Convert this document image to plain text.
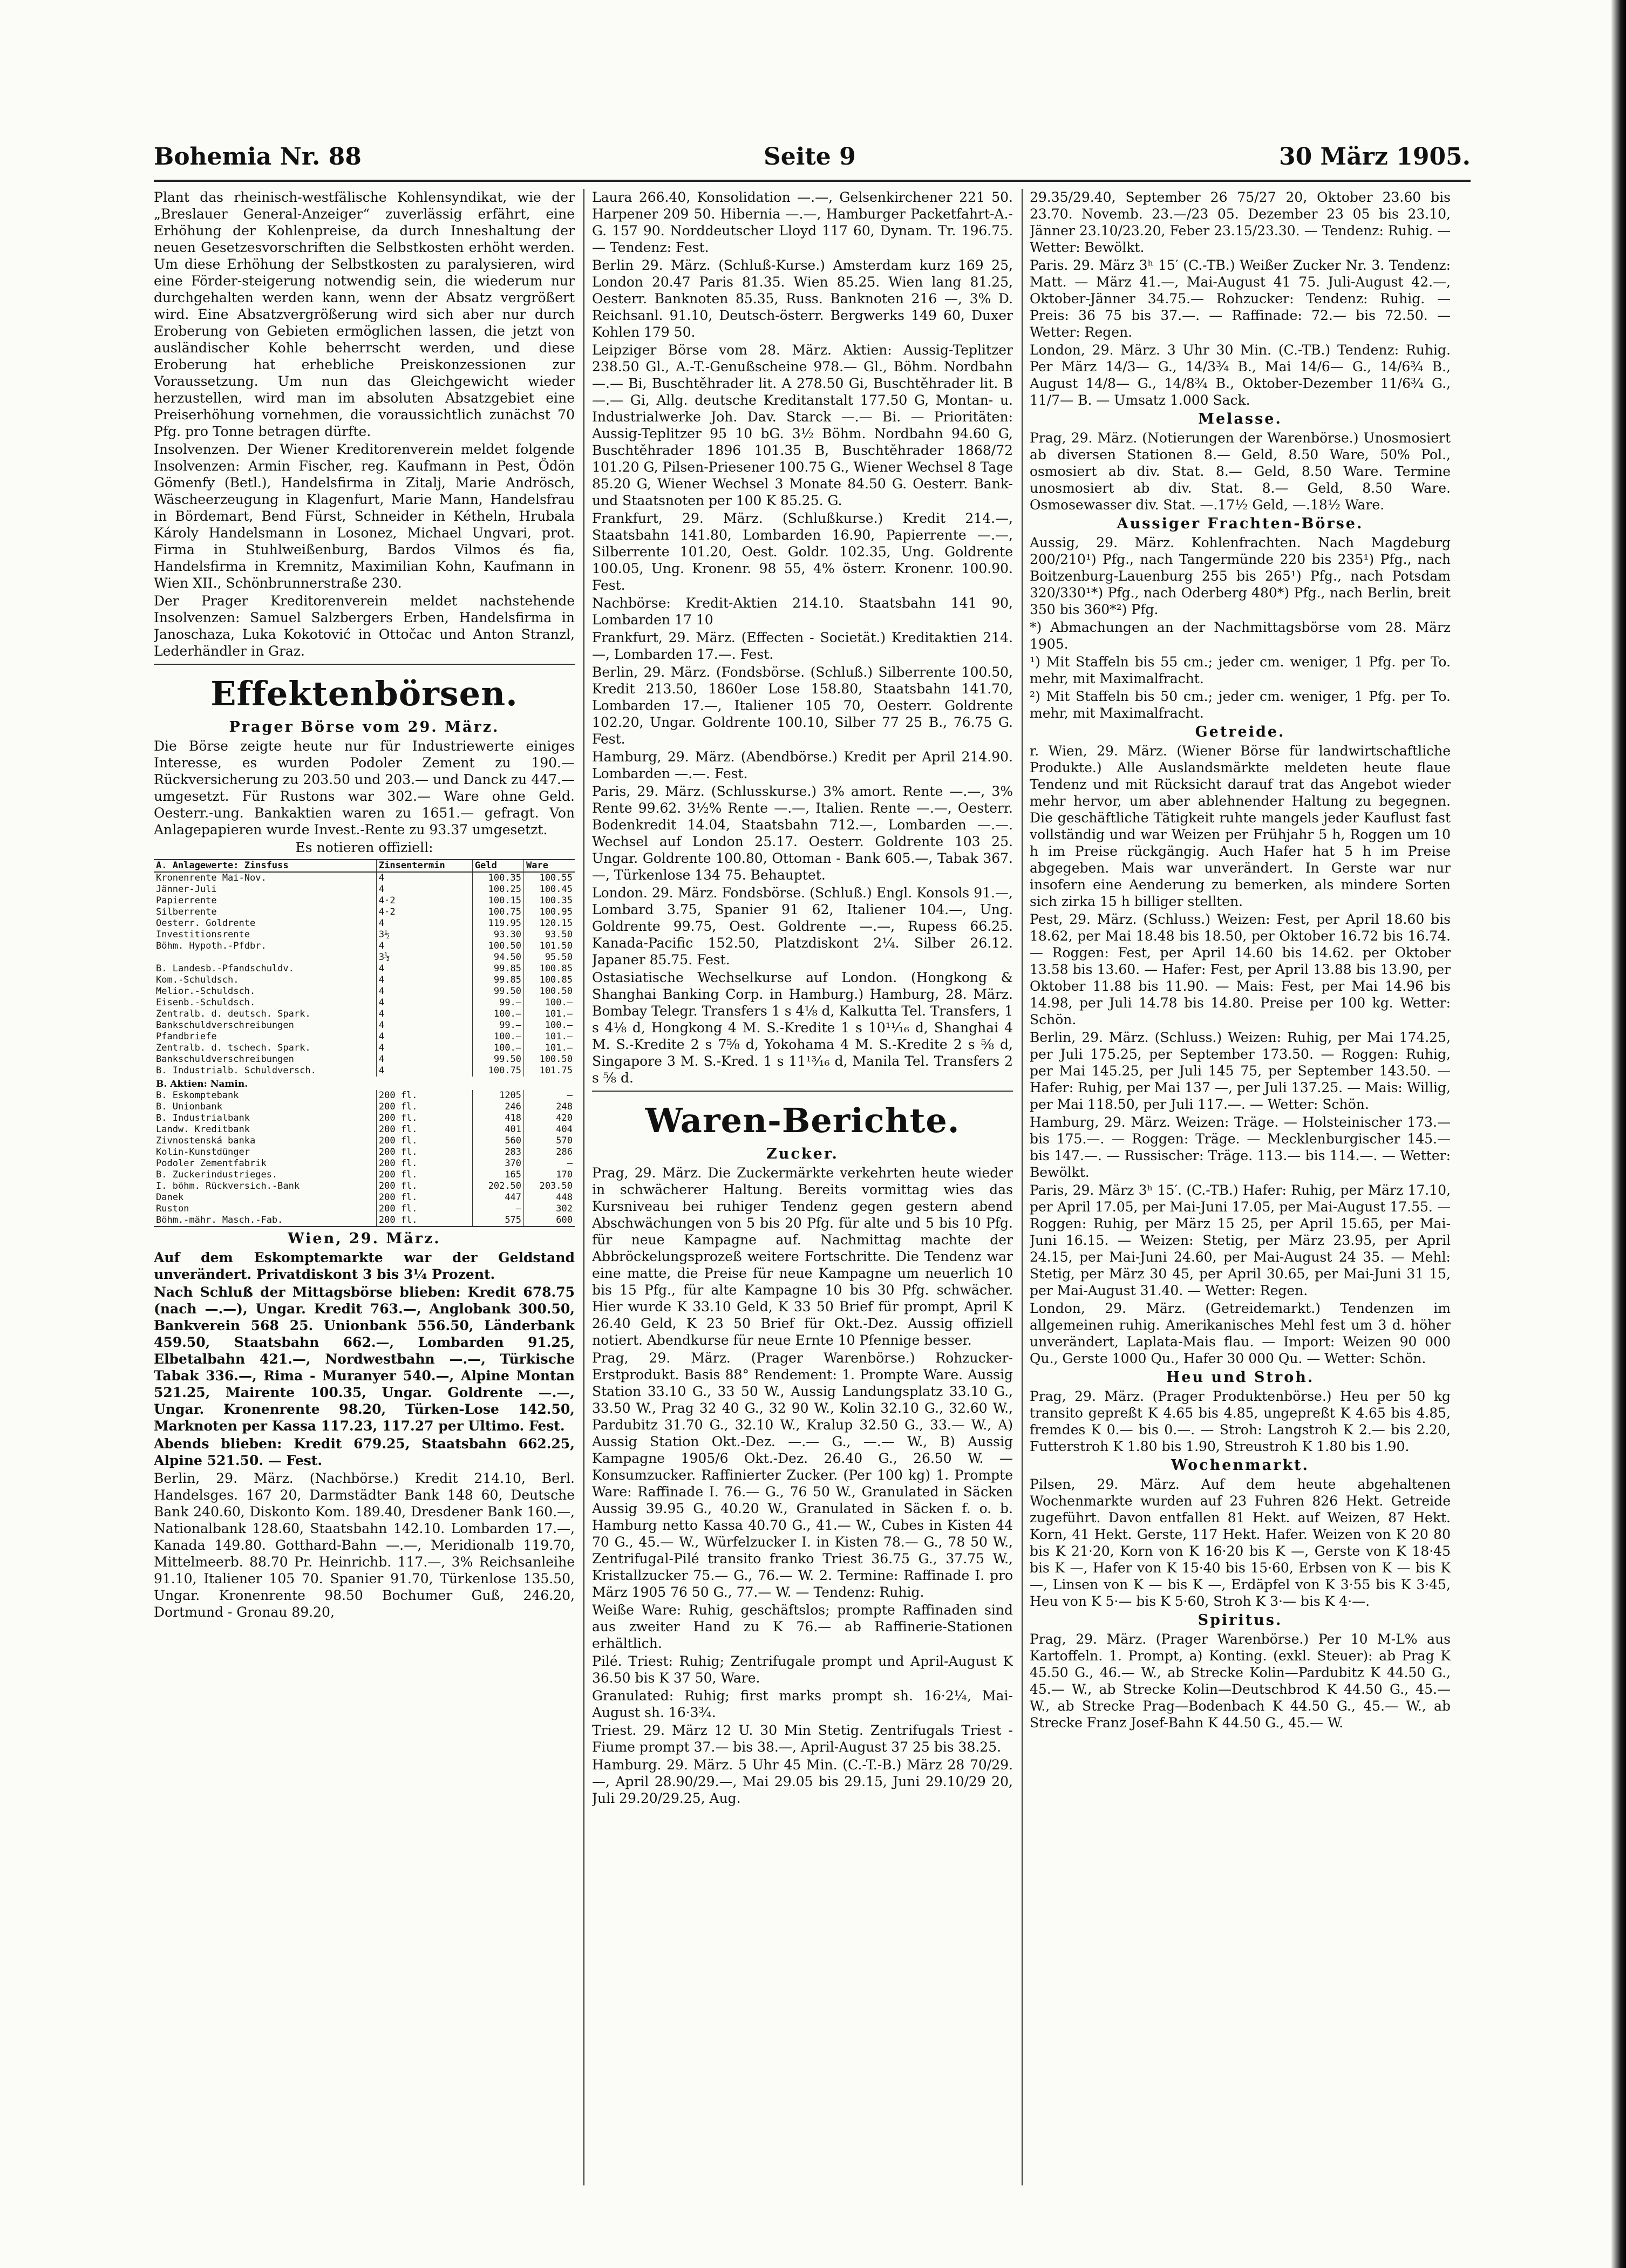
Bohemia Nr. 88	Seite 9	30 März 1905.

Plant das rheinisch-westfälische Kohlensyndikat, wie der „Breslauer General-Anzeiger“ zuverlässig erfährt, eine Erhöhung der Kohlenpreise, da durch Inneshaltung der neuen Gesetzesvorschriften die Selbstkosten erhöht werden. Um diese Erhöhung der Selbstkosten zu paralysieren, wird eine Förder-steigerung notwendig sein, die wiederum nur durchgehalten werden kann, wenn der Absatz vergrößert wird. Eine Absatzvergrößerung wird sich aber nur durch Eroberung von Gebieten ermöglichen lassen, die jetzt von ausländischer Kohle beherrscht werden, und diese Eroberung hat erhebliche Preiskonzessionen zur Voraussetzung. Um nun das Gleichgewicht wieder herzustellen, wird man im absoluten Absatzgebiet eine Preiserhöhung vornehmen, die voraussichtlich zunächst 70 Pfg. pro Tonne betragen dürfte.

Insolvenzen. Der Wiener Kreditorenverein meldet folgende Insolvenzen: Armin Fischer, reg. Kaufmann in Pest, Ödön Gömenfy (Betl.), Handelsfirma in Zitalj, Marie Andrösch, Wäscheerzeugung in Klagenfurt, Marie Mann, Handelsfrau in Bördemart, Bend Fürst, Schneider in Kétheln, Hrubala Károly Handelsmann in Losonez, Michael Ungvari, prot. Firma in Stuhlweißenburg, Bardos Vilmos és fia, Handelsfirma in Kremnitz, Maximilian Kohn, Kaufmann in Wien XII., Schönbrunnerstraße 230.

Der Prager Kreditorenverein meldet nachstehende Insolvenzen: Samuel Salzbergers Erben, Handelsfirma in Janoschaza, Luka Kokotović in Ottočac und Anton Stranzl, Lederhändler in Graz.

Effektenbörsen.
Prager Börse vom 29. März.

Die Börse zeigte heute nur für Industriewerte einiges Interesse, es wurden Podoler Zement zu 190.— Rückversicherung zu 203.50 und 203.— und Danck zu 447.— umgesetzt. Für Rustons war 302.— Ware ohne Geld. Oesterr.-ung. Bankaktien waren zu 1651.— gefragt. Von Anlagepapieren wurde Invest.-Rente zu 93.37 umgesetzt.

Es notieren offiziell:
A. Anlagewerte: Zinsfuss	Zinsentermin	Geld	Ware
Kronenrente Mai-Nov.	4	100.35	100.55
Jänner-Juli	4	100.25	100.45
Papierrente	4·2	100.15	100.35
Silberrente	4·2	100.75	100.95
Oesterr. Goldrente	4	119.95	120.15
Investitionsrente	3½	93.30	93.50
Böhm. Hypoth.-Pfdbr.	4	100.50	101.50
	3½	94.50	95.50
B. Landesb.-Pfandschuldv.	4	99.85	100.85
Kom.-Schuldsch.	4	99.85	100.85
Melior.-Schuldsch.	4	99.50	100.50
Eisenb.-Schuldsch.	4	99.—	100.—
Zentralb. d. deutsch. Spark.	4	100.—	101.—
Bankschuldverschreibungen	4	99.—	100.—
Pfandbriefe	4	100.—	101.—
Zentralb. d. tschech. Spark.	4	100.—	101.—
Bankschuldverschreibungen	4	99.50	100.50
B. Industrialb. Schuldversch.	4	100.75	101.75
B. Aktien: Namin.			
B. Eskomptebank	200 fl.	1205	—
B. Unionbank	200 fl.	246	248
B. Industrialbank	200 fl.	418	420
Landw. Kreditbank	200 fl.	401	404
Zivnostenská banka	200 fl.	560	570
Kolin-Kunstdünger	200 fl.	283	286
Podoler Zementfabrik	200 fl.	370	—
B. Zuckerindustrieges.	200 fl.	165	170
I. böhm. Rückversich.-Bank	200 fl.	202.50	203.50
Danek	200 fl.	447	448
Ruston	200 fl.	—	302
Böhm.-mähr. Masch.-Fab.	200 fl.	575	600
Wien, 29. März.

Auf dem Eskomptemarkte war der Geldstand unverändert. Privatdiskont 3 bis 3¼ Prozent.

Nach Schluß der Mittagsbörse blieben: Kredit 678.75 (nach —.—), Ungar. Kredit 763.—, Anglobank 300.50, Bankverein 568 25. Unionbank 556.50, Länderbank 459.50, Staatsbahn 662.—, Lombarden 91.25, Elbetalbahn 421.—, Nordwestbahn —.—, Türkische Tabak 336.—, Rima - Muranyer 540.—, Alpine Montan 521.25, Mairente 100.35, Ungar. Goldrente —.—, Ungar. Kronenrente 98.20, Türken-Lose 142.50, Marknoten per Kassa 117.23, 117.27 per Ultimo. Fest.

Abends blieben: Kredit 679.25, Staatsbahn 662.25, Alpine 521.50. — Fest.

Berlin, 29. März. (Nachbörse.) Kredit 214.10, Berl. Handelsges. 167 20, Darmstädter Bank 148 60, Deutsche Bank 240.60, Diskonto Kom. 189.40, Dresdener Bank 160.—, Nationalbank 128.60, Staatsbahn 142.10. Lombarden 17.—, Kanada 149.80. Gotthard-Bahn —.—, Meridionalb 119.70, Mittelmeerb. 88.70 Pr. Heinrichb. 117.—, 3% Reichsanleihe 91.10, Italiener 105 70. Spanier 91.70, Türkenlose 135.50, Ungar. Kronenrente 98.50 Bochumer Guß, 246.20, Dortmund - Gronau 89.20,

Laura 266.40, Konsolidation —.—, Gelsenkirchener 221 50. Harpener 209 50. Hibernia —.—, Hamburger Packetfahrt-A.-G. 157 90. Norddeutscher Lloyd 117 60, Dynam. Tr. 196.75. — Tendenz: Fest.

Berlin 29. März. (Schluß-Kurse.) Amsterdam kurz 169 25, London 20.47 Paris 81.35. Wien 85.25. Wien lang 81.25, Oesterr. Banknoten 85.35, Russ. Banknoten 216 —, 3% D. Reichsanl. 91.10, Deutsch-österr. Bergwerks 149 60, Duxer Kohlen 179 50.

Leipziger Börse vom 28. März. Aktien: Aussig-Teplitzer 238.50 Gl., A.-T.-Genußscheine 978.— Gl., Böhm. Nordbahn —.— Bi, Buschtěhrader lit. A 278.50 Gi, Buschtěhrader lit. B —.— Gi, Allg. deutsche Kreditanstalt 177.50 G, Montan- u. Industrialwerke Joh. Dav. Starck —.— Bi. — Prioritäten: Aussig-Teplitzer 95 10 bG. 3½ Böhm. Nordbahn 94.60 G, Buschtěhrader 1896 101.35 B, Buschtěhrader 1868/72 101.20 G, Pilsen-Priesener 100.75 G., Wiener Wechsel 8 Tage 85.20 G, Wiener Wechsel 3 Monate 84.50 G. Oesterr. Bank- und Staatsnoten per 100 K 85.25. G.

Frankfurt, 29. März. (Schlußkurse.) Kredit 214.—, Staatsbahn 141.80, Lombarden 16.90, Papierrente —.—, Silberrente 101.20, Oest. Goldr. 102.35, Ung. Goldrente 100.05, Ung. Kronenr. 98 55, 4% österr. Kronenr. 100.90. Fest.

Nachbörse: Kredit-Aktien 214.10. Staatsbahn 141 90, Lombarden 17 10

Frankfurt, 29. März. (Effecten - Societät.) Kreditaktien 214.—, Lombarden 17.—. Fest.

Berlin, 29. März. (Fondsbörse. (Schluß.) Silberrente 100.50, Kredit 213.50, 1860er Lose 158.80, Staatsbahn 141.70, Lombarden 17.—, Italiener 105 70, Oesterr. Goldrente 102.20, Ungar. Goldrente 100.10, Silber 77 25 B., 76.75 G. Fest.

Hamburg, 29. März. (Abendbörse.) Kredit per April 214.90. Lombarden —.—. Fest.

Paris, 29. März. (Schlusskurse.) 3% amort. Rente —.—, 3% Rente 99.62. 3½% Rente —.—, Italien. Rente —.—, Oesterr. Bodenkredit 14.04, Staatsbahn 712.—, Lombarden —.—. Wechsel auf London 25.17. Oesterr. Goldrente 103 25. Ungar. Goldrente 100.80, Ottoman - Bank 605.—, Tabak 367.—, Türkenlose 134 75. Behauptet.

London. 29. März. Fondsbörse. (Schluß.) Engl. Konsols 91.—, Lombard 3.75, Spanier 91 62, Italiener 104.—, Ung. Goldrente 99.75, Oest. Goldrente —.—, Rupess 66.25. Kanada-Pacific 152.50, Platzdiskont 2¼. Silber 26.12. Japaner 85.75. Fest.

Ostasiatische Wechselkurse auf London. (Hongkong & Shanghai Banking Corp. in Hamburg.) Hamburg, 28. März. Bombay Telegr. Transfers 1 s 4⅛ d, Kalkutta Tel. Transfers, 1 s 4⅛ d, Hongkong 4 M. S.-Kredite 1 s 10¹¹⁄₁₆ d, Shanghai 4 M. S.-Kredite 2 s 7⅝ d, Yokohama 4 M. S.-Kredite 2 s ⅝ d, Singapore 3 M. S.-Kred. 1 s 11¹³⁄₁₆ d, Manila Tel. Transfers 2 s ⅝ d.

Waren-Berichte.
Zucker.

Prag, 29. März. Die Zuckermärkte verkehrten heute wieder in schwächerer Haltung. Bereits vormittag wies das Kursniveau bei ruhiger Tendenz gegen gestern abend Abschwächungen von 5 bis 20 Pfg. für alte und 5 bis 10 Pfg. für neue Kampagne auf. Nachmittag machte der Abbröckelungsprozeß weitere Fortschritte. Die Tendenz war eine matte, die Preise für neue Kampagne um neuerlich 10 bis 15 Pfg., für alte Kampagne 10 bis 30 Pfg. schwächer. Hier wurde K 33.10 Geld, K 33 50 Brief für prompt, April K 26.40 Geld, K 23 50 Brief für Okt.-Dez. Aussig offiziell notiert. Abendkurse für neue Ernte 10 Pfennige besser.

Prag, 29. März. (Prager Warenbörse.) Rohzucker-Erstprodukt. Basis 88° Rendement: 1. Prompte Ware. Aussig Station 33.10 G., 33 50 W., Aussig Landungsplatz 33.10 G., 33.50 W., Prag 32 40 G., 32 90 W., Kolin 32.10 G., 32.60 W., Pardubitz 31.70 G., 32.10 W., Kralup 32.50 G., 33.— W., A) Aussig Station Okt.-Dez. —.— G., —.— W., B) Aussig Kampagne 1905/6 Okt.-Dez. 26.40 G., 26.50 W. — Konsumzucker. Raffinierter Zucker. (Per 100 kg) 1. Prompte Ware: Raffinade I. 76.— G., 76 50 W., Granulated in Säcken Aussig 39.95 G., 40.20 W., Granulated in Säcken f. o. b. Hamburg netto Kassa 40.70 G., 41.— W., Cubes in Kisten 44 70 G., 45.— W., Würfelzucker I. in Kisten 78.— G., 78 50 W., Zentrifugal-Pilé transito franko Triest 36.75 G., 37.75 W., Kristallzucker 75.— G., 76.— W. 2. Termine: Raffinade I. pro März 1905 76 50 G., 77.— W. — Tendenz: Ruhig.

Weiße Ware: Ruhig, geschäftslos; prompte Raffinaden sind aus zweiter Hand zu K 76.— ab Raffinerie-Stationen erhältlich.

Pilé. Triest: Ruhig; Zentrifugale prompt und April-August K 36.50 bis K 37 50, Ware.

Granulated: Ruhig; first marks prompt sh. 16·2¼, Mai-August sh. 16·3¾.

Triest. 29. März 12 U. 30 Min Stetig. Zentrifugals Triest - Fiume prompt 37.— bis 38.—, April-August 37 25 bis 38.25.

Hamburg. 29. März. 5 Uhr 45 Min. (C.-T.-B.) März 28 70/29.—, April 28.90/29.—, Mai 29.05 bis 29.15, Juni 29.10/29 20, Juli 29.20/29.25, Aug.

29.35/29.40, September 26 75/27 20, Oktober 23.60 bis 23.70. Novemb. 23.—/23 05. Dezember 23 05 bis 23.10, Jänner 23.10/23.20, Feber 23.15/23.30. — Tendenz: Ruhig. — Wetter: Bewölkt.

Paris. 29. März 3ʰ 15′ (C.-TB.) Weißer Zucker Nr. 3. Tendenz: Matt. — März 41.—, Mai-August 41 75. Juli-August 42.—, Oktober-Jänner 34.75.— Rohzucker: Tendenz: Ruhig. — Preis: 36 75 bis 37.—. — Raffinade: 72.— bis 72.50. — Wetter: Regen.

London, 29. März. 3 Uhr 30 Min. (C.-TB.) Tendenz: Ruhig. Per März 14/3— G., 14/3¾ B., Mai 14/6— G., 14/6¾ B., August 14/8— G., 14/8¾ B., Oktober-Dezember 11/6¾ G., 11/7— B. — Umsatz 1.000 Sack.

Melasse.

Prag, 29. März. (Notierungen der Warenbörse.) Unosmosiert ab diversen Stationen 8.— Geld, 8.50 Ware, 50% Pol., osmosiert ab div. Stat. 8.— Geld, 8.50 Ware. Termine unosmosiert ab div. Stat. 8.— Geld, 8.50 Ware. Osmosewasser div. Stat. —.17½ Geld, —.18½ Ware.

Aussiger Frachten-Börse.

Aussig, 29. März. Kohlenfrachten. Nach Magdeburg 200/210¹) Pfg., nach Tangermünde 220 bis 235¹) Pfg., nach Boitzenburg-Lauenburg 255 bis 265¹) Pfg., nach Potsdam 320/330¹*) Pfg., nach Oderberg 480*) Pfg., nach Berlin, breit 350 bis 360*²) Pfg.

*) Abmachungen an der Nachmittagsbörse vom 28. März 1905.

¹) Mit Staffeln bis 55 cm.; jeder cm. weniger, 1 Pfg. per To. mehr, mit Maximalfracht.

²) Mit Staffeln bis 50 cm.; jeder cm. weniger, 1 Pfg. per To. mehr, mit Maximalfracht.

Getreide.

r. Wien, 29. März. (Wiener Börse für landwirtschaftliche Produkte.) Alle Auslandsmärkte meldeten heute flaue Tendenz und mit Rücksicht darauf trat das Angebot wieder mehr hervor, um aber ablehnender Haltung zu begegnen. Die geschäftliche Tätigkeit ruhte mangels jeder Kauflust fast vollständig und war Weizen per Frühjahr 5 h, Roggen um 10 h im Preise rückgängig. Auch Hafer hat 5 h im Preise abgegeben. Mais war unverändert. In Gerste war nur insofern eine Aenderung zu bemerken, als mindere Sorten sich zirka 15 h billiger stellten.

Pest, 29. März. (Schluss.) Weizen: Fest, per April 18.60 bis 18.62, per Mai 18.48 bis 18.50, per Oktober 16.72 bis 16.74. — Roggen: Fest, per April 14.60 bis 14.62. per Oktober 13.58 bis 13.60. — Hafer: Fest, per April 13.88 bis 13.90, per Oktober 11.88 bis 11.90. — Mais: Fest, per Mai 14.96 bis 14.98, per Juli 14.78 bis 14.80. Preise per 100 kg. Wetter: Schön.

Berlin, 29. März. (Schluss.) Weizen: Ruhig, per Mai 174.25, per Juli 175.25, per September 173.50. — Roggen: Ruhig, per Mai 145.25, per Juli 145 75, per September 143.50. — Hafer: Ruhig, per Mai 137 —, per Juli 137.25. — Mais: Willig, per Mai 118.50, per Juli 117.—. — Wetter: Schön.

Hamburg, 29. März. Weizen: Träge. — Holsteinischer 173.— bis 175.—. — Roggen: Träge. — Mecklenburgischer 145.— bis 147.—. — Russischer: Träge. 113.— bis 114.—. — Wetter: Bewölkt.

Paris, 29. März 3ʰ 15′. (C.-TB.) Hafer: Ruhig, per März 17.10, per April 17.05, per Mai-Juni 17.05, per Mai-August 17.55. — Roggen: Ruhig, per März 15 25, per April 15.65, per Mai-Juni 16.15. — Weizen: Stetig, per März 23.95, per April 24.15, per Mai-Juni 24.60, per Mai-August 24 35. — Mehl: Stetig, per März 30 45, per April 30.65, per Mai-Juni 31 15, per Mai-August 31.40. — Wetter: Regen.

London, 29. März. (Getreidemarkt.) Tendenzen im allgemeinen ruhig. Amerikanisches Mehl fest um 3 d. höher unverändert, Laplata-Mais flau. — Import: Weizen 90 000 Qu., Gerste 1000 Qu., Hafer 30 000 Qu. — Wetter: Schön.

Heu und Stroh.

Prag, 29. März. (Prager Produktenbörse.) Heu per 50 kg transito gepreßt K 4.65 bis 4.85, ungepreßt K 4.65 bis 4.85, fremdes K 0.— bis 0.—. — Stroh: Langstroh K 2.— bis 2.20, Futterstroh K 1.80 bis 1.90, Streustroh K 1.80 bis 1.90.

Wochenmarkt.

Pilsen, 29. März. Auf dem heute abgehaltenen Wochenmarkte wurden auf 23 Fuhren 826 Hekt. Getreide zugeführt. Davon entfallen 81 Hekt. auf Weizen, 87 Hekt. Korn, 41 Hekt. Gerste, 117 Hekt. Hafer. Weizen von K 20 80 bis K 21·20, Korn von K 16·20 bis K —, Gerste von K 18·45 bis K —, Hafer von K 15·40 bis 15·60, Erbsen von K — bis K —, Linsen von K — bis K —, Erdäpfel von K 3·55 bis K 3·45, Heu von K 5·— bis K 5·60, Stroh K 3·— bis K 4·—.

Spiritus.

Prag, 29. März. (Prager Warenbörse.) Per 10 M-L% aus Kartoffeln. 1. Prompt, a) Konting. (exkl. Steuer): ab Prag K 45.50 G., 46.— W., ab Strecke Kolin—Pardubitz K 44.50 G., 45.— W., ab Strecke Kolin—Deutschbrod K 44.50 G., 45.— W., ab Strecke Prag—Bodenbach K 44.50 G., 45.— W., ab Strecke Franz Josef-Bahn K 44.50 G., 45.— W.
